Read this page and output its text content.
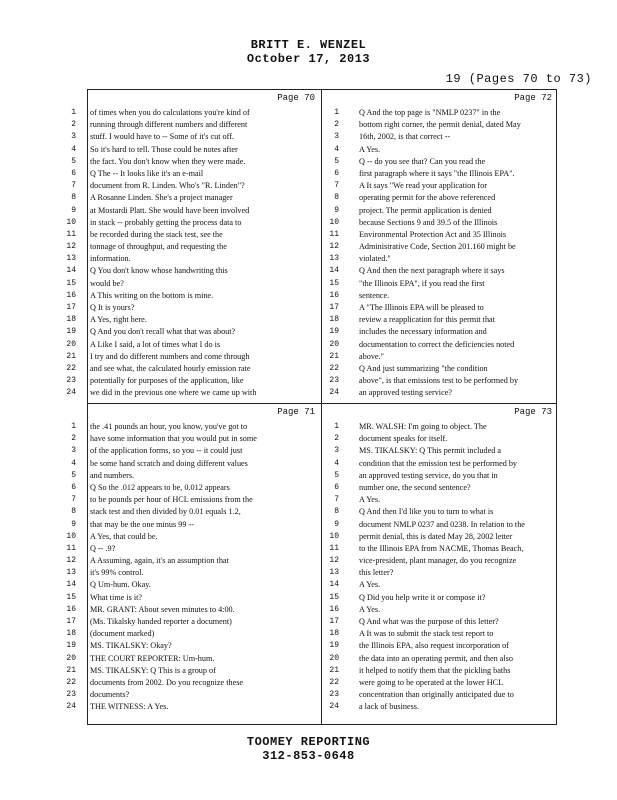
BRITT E. WENZEL
October 17, 2013
19 (Pages 70 to 73)
Page 70
1 of times when you do calculations you're kind of
2 running through different numbers and different
3 stuff. I would have to -- Some of it's cut off.
4 So it's hard to tell. Those could be notes after
5 the fact. You don't know when they were made.
6 Q The -- It looks like it's an e-mail
7 document from R. Linden. Who's "R. Linden"?
8 A Rosanne Linden. She's a project manager
9 at Mostardi Platt. She would have been involved
10 in stack -- probably getting the process data to
11 be recorded during the stack test, see the
12 tonnage of throughput, and requesting the
13 information.
14 Q You don't know whose handwriting this
15 would be?
16 A This writing on the bottom is mine.
17 Q It is yours?
18 A Yes, right here.
19 Q And you don't recall what that was about?
20 A Like I said, a lot of times what I do is
21 I try and do different numbers and come through
22 and see what, the calculated hourly emission rate
23 potentially for purposes of the application, like
24 we did in the previous one where we came up with
Page 72
1 Q And the top page is "NMLP 0237" in the
2 bottom right corner, the permit denial, dated May
3 16th, 2002, is that correct --
4 A Yes.
5 Q -- do you see that? Can you read the
6 first paragraph where it says "the Illinois EPA".
7 A It says "We read your application for
8 operating permit for the above referenced
9 project. The permit application is denied
10 because Sections 9 and 39.5 of the Illinois
11 Environmental Protection Act and 35 Illinois
12 Administrative Code, Section 201.160 might be
13 violated."
14 Q And then the next paragraph where it says
15 "the Illinois EPA", if you read the first
16 sentence.
17 A "The Illinois EPA will be pleased to
18 review a reapplication for this permit that
19 includes the necessary information and
20 documentation to correct the deficiencies noted
21 above."
22 Q And just summarizing "the condition
23 above", is that emissions test to be performed by
24 an approved testing service?
Page 71
1 the .41 pounds an hour, you know, you've got to
2 have some information that you would put in some
3 of the application forms, so you -- it could just
4 be some hand scratch and doing different values
5 and numbers.
6 Q So the .012 appears to be, 0.012 appears
7 to be pounds per hour of HCL emissions from the
8 stack test and then divided by 0.01 equals 1.2,
9 that may be the one minus 99 --
10 A Yes, that could be.
11 Q -- .9?
12 A Assuming, again, it's an assumption that
13 it's 99% control.
14 Q Um-hum. Okay.
15 What time is it?
16 MR. GRANT: About seven minutes to 4:00.
17 (Ms. Tikalsky handed reporter a document)
18 (document marked)
19 MS. TIKALSKY: Okay?
20 THE COURT REPORTER: Um-hum.
21 MS. TIKALSKY: Q This is a group of
22 documents from 2002. Do you recognize these
23 documents?
24 THE WITNESS: A Yes.
Page 73
1 MR. WALSH: I'm going to object. The
2 document speaks for itself.
3 MS. TIKALSKY: Q This permit included a
4 condition that the emission test be performed by
5 an approved testing service, do you that in
6 number one, the second sentence?
7 A Yes.
8 Q And then I'd like you to turn to what is
9 document NMLP 0237 and 0238. In relation to the
10 permit denial, this is dated May 28, 2002 letter
11 to the Illinois EPA from NACME, Thomas Beach,
12 vice-president, plant manager, do you recognize
13 this letter?
14 A Yes.
15 Q Did you help write it or compose it?
16 A Yes.
17 Q And what was the purpose of this letter?
18 A It was to submit the stack test report to
19 the Illinois EPA, also request incorporation of
20 the data into an operating permit, and then also
21 it helped to notify them that the pickling baths
22 were going to be operated at the lower HCL
23 concentration than originally anticipated due to
24 a lack of business.
TOOMEY REPORTING
312-853-0648
